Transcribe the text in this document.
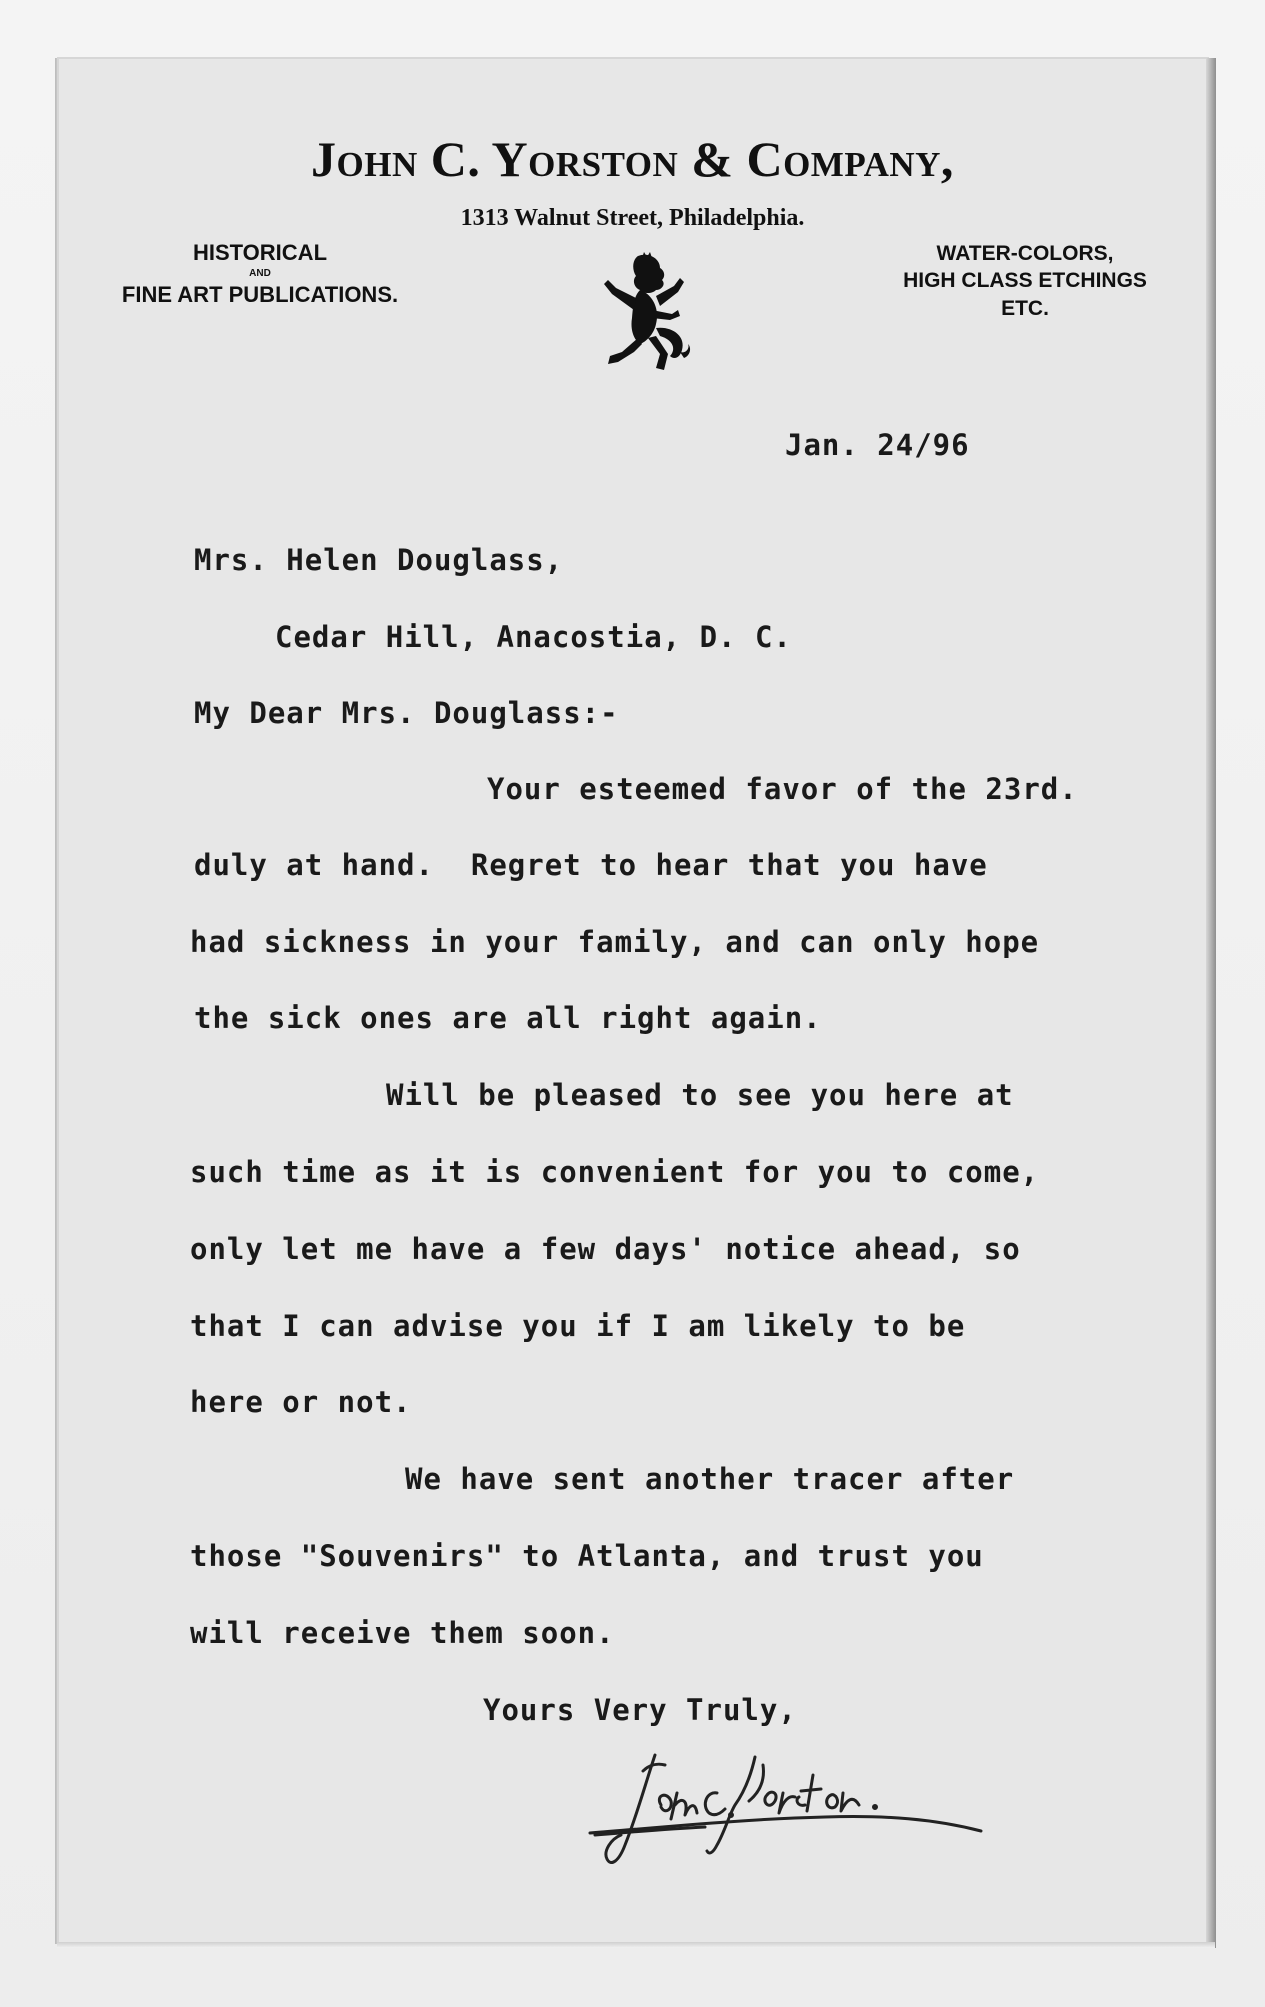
John C. Yorston & Company,
1313 Walnut Street, Philadelphia.
HISTORICAL
AND
FINE ART PUBLICATIONS.
WATER-COLORS,
HIGH CLASS ETCHINGS
ETC.
Jan. 24/96
Mrs. Helen Douglass,
Cedar Hill, Anacostia, D. C.
My Dear Mrs. Douglass:-
Your esteemed favor of the 23rd.
duly at hand.  Regret to hear that you have
had sickness in your family, and can only hope
the sick ones are all right again.
Will be pleased to see you here at
such time as it is convenient for you to come,
only let me have a few days' notice ahead, so
that I can advise you if I am likely to be
here or not.
We have sent another tracer after
those "Souvenirs" to Atlanta, and trust you
will receive them soon.
Yours Very Truly,
